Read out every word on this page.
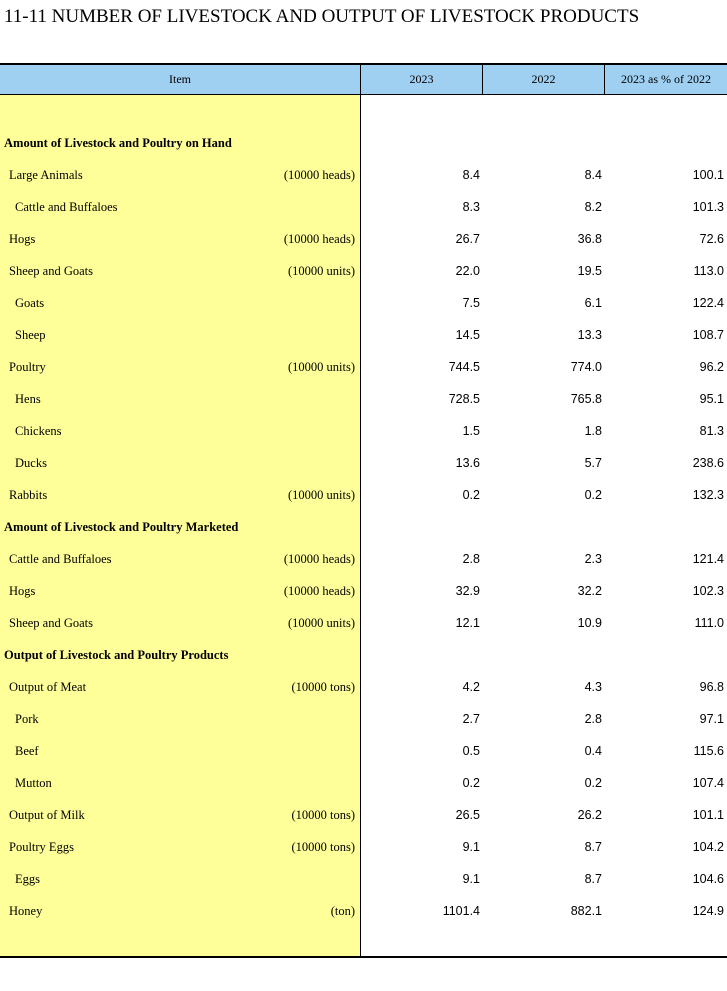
11-11 NUMBER OF LIVESTOCK AND OUTPUT OF LIVESTOCK PRODUCTS
Item	2023	2022	2023 as % of 2022
Amount of Livestock and Poultry on Hand
Large Animals	(10000 heads)	8.4	8.4	100.1
Cattle and Buffaloes	8.3	8.2	101.3
Hogs	(10000 heads)	26.7	36.8	72.6
Sheep and Goats	(10000 units)	22.0	19.5	113.0
Goats	7.5	6.1	122.4
Sheep	14.5	13.3	108.7
Poultry	(10000 units)	744.5	774.0	96.2
Hens	728.5	765.8	95.1
Chickens	1.5	1.8	81.3
Ducks	13.6	5.7	238.6
Rabbits	(10000 units)	0.2	0.2	132.3
Amount of Livestock and Poultry Marketed
Cattle and Buffaloes	(10000 heads)	2.8	2.3	121.4
Hogs	(10000 heads)	32.9	32.2	102.3
Sheep and Goats	(10000 units)	12.1	10.9	111.0
Output of Livestock and Poultry Products
Output of Meat	(10000 tons)	4.2	4.3	96.8
Pork	2.7	2.8	97.1
Beef	0.5	0.4	115.6
Mutton	0.2	0.2	107.4
Output of Milk	(10000 tons)	26.5	26.2	101.1
Poultry Eggs	(10000 tons)	9.1	8.7	104.2
Eggs	9.1	8.7	104.6
Honey	(ton)	1101.4	882.1	124.9
